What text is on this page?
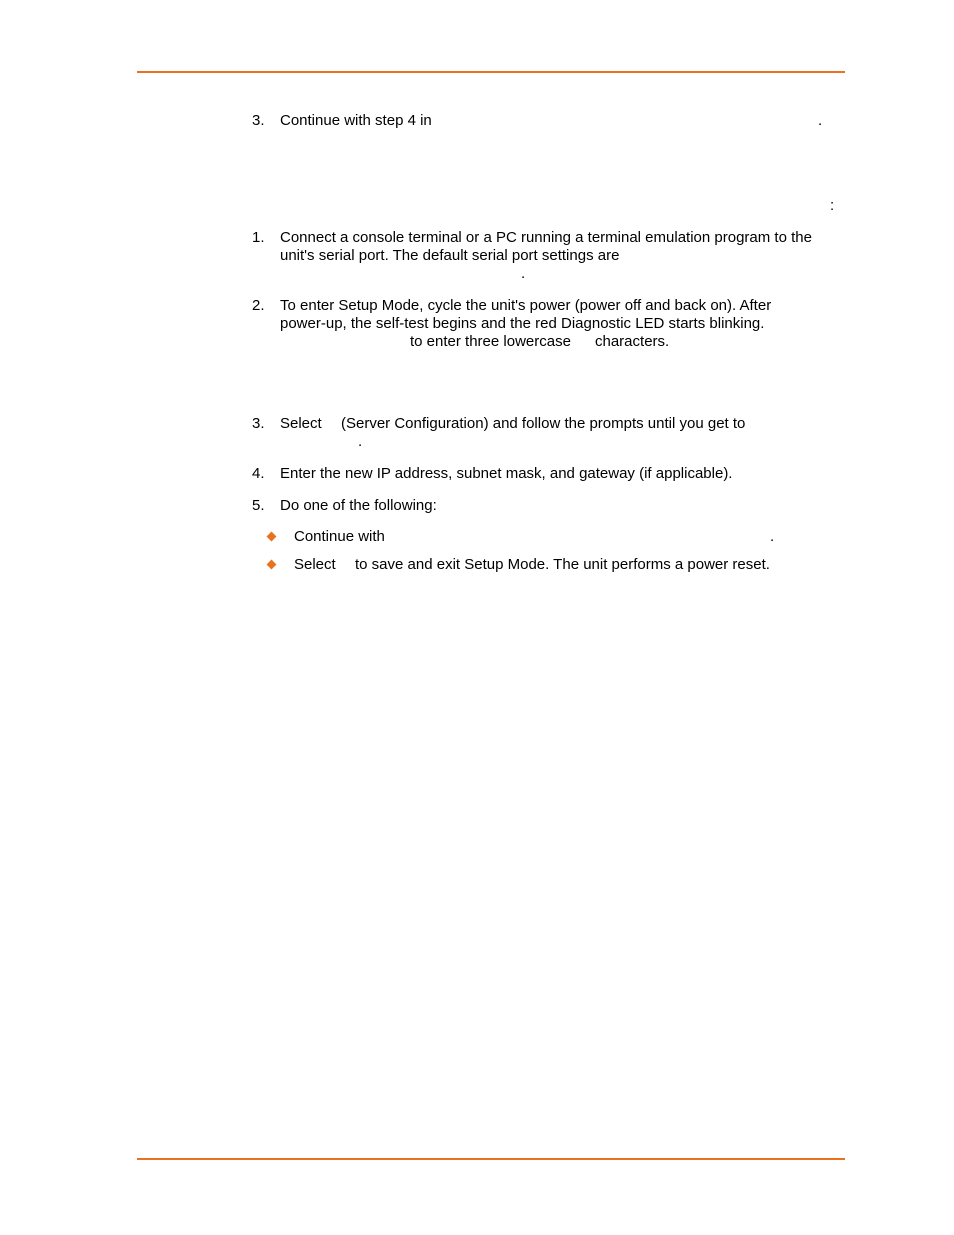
3. Continue with step 4 in	.
:
1. Connect a console terminal or a PC running a terminal emulation program to the
unit's serial port. The default serial port settings are
.
2. To enter Setup Mode, cycle the unit's power (power off and back on). After
power-up, the self-test begins and the red Diagnostic LED starts blinking.
to enter three lowercase characters.
3. Select (Server Configuration) and follow the prompts until you get to
.
4. Enter the new IP address, subnet mask, and gateway (if applicable).
5. Do one of the following:
Continue with	.
Select to save and exit Setup Mode. The unit performs a power reset.
